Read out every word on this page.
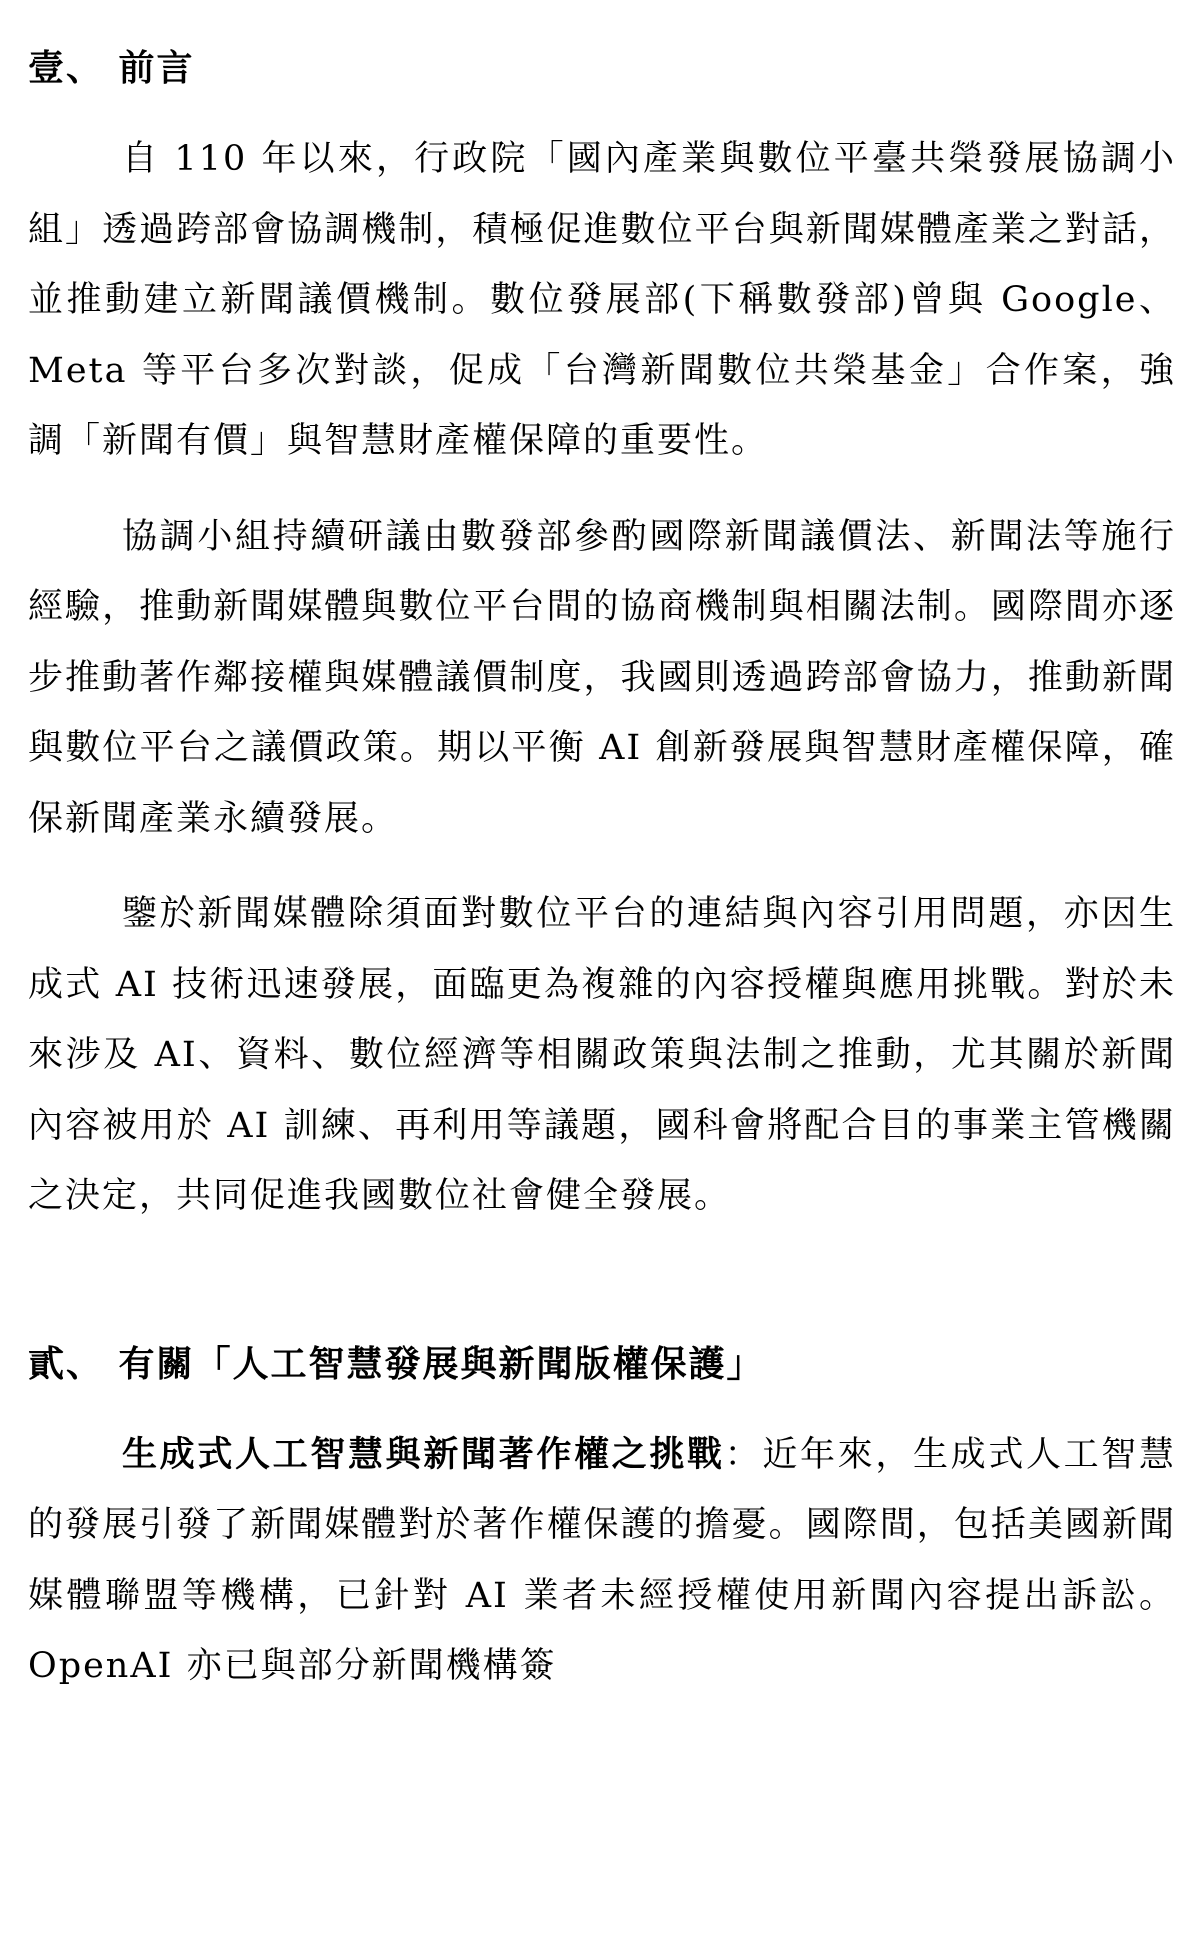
壹、 前言

自 110 年以來，行政院「國內產業與數位平臺共榮發展協調小組」透過跨部會協調機制，積極促進數位平台與新聞媒體產業之對話，並推動建立新聞議價機制。數位發展部(下稱數發部)曾與 Google、Meta 等平台多次對談，促成「台灣新聞數位共榮基金」合作案，強調「新聞有價」與智慧財產權保障的重要性。

協調小組持續研議由數發部參酌國際新聞議價法、新聞法等施行經驗，推動新聞媒體與數位平台間的協商機制與相關法制。國際間亦逐步推動著作鄰接權與媒體議價制度，我國則透過跨部會協力，推動新聞與數位平台之議價政策。期以平衡 AI 創新發展與智慧財產權保障，確保新聞產業永續發展。

鑒於新聞媒體除須面對數位平台的連結與內容引用問題，亦因生成式 AI 技術迅速發展，面臨更為複雜的內容授權與應用挑戰。對於未來涉及 AI、資料、數位經濟等相關政策與法制之推動，尤其關於新聞內容被用於 AI 訓練、再利用等議題，國科會將配合目的事業主管機關之決定，共同促進我國數位社會健全發展。

貳、 有關「人工智慧發展與新聞版權保護」

生成式人工智慧與新聞著作權之挑戰：近年來，生成式人工智慧的發展引發了新聞媒體對於著作權保護的擔憂。國際間，包括美國新聞媒體聯盟等機構，已針對 AI 業者未經授權使用新聞內容提出訴訟。OpenAI 亦已與部分新聞機構簽
